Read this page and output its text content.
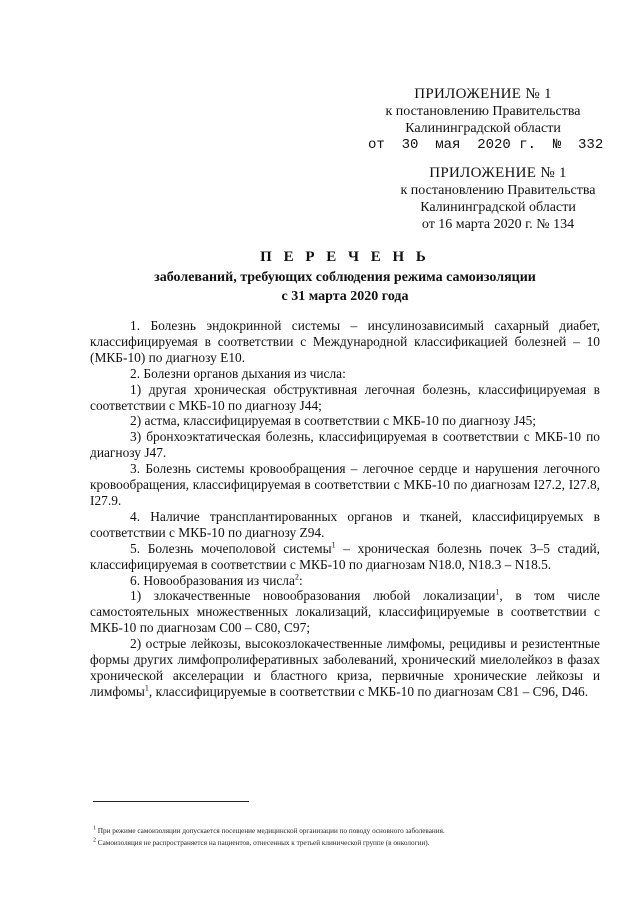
ПРИЛОЖЕНИЕ № 1
к постановлению Правительства
Калининградской области
от  30  мая  2020 г.  №  332
ПРИЛОЖЕНИЕ № 1
к постановлению Правительства
Калининградской области
от 16 марта 2020 г. № 134
П Е Р Е Ч Е Н Ь
заболеваний, требующих соблюдения режима самоизоляции
с 31 марта 2020 года

1. Болезнь эндокринной системы – инсулинозависимый сахарный диабет, классифицируемая в соответствии с Международной классификацией болезней – 10 (МКБ-10) по диагнозу Е10.

2. Болезни органов дыхания из числа:

1) другая хроническая обструктивная легочная болезнь, классифицируемая в соответствии с МКБ-10 по диагнозу J44;

2) астма, классифицируемая в соответствии с МКБ-10 по диагнозу J45;

3) бронхоэктатическая болезнь, классифицируемая в соответствии с МКБ-10 по диагнозу J47.

3. Болезнь системы кровообращения – легочное сердце и нарушения легочного кровообращения, классифицируемая в соответствии с МКБ-10 по диагнозам I27.2, I27.8, I27.9.

4. Наличие трансплантированных органов и тканей, классифицируемых в соответствии с МКБ-10 по диагнозу Z94.

5. Болезнь мочеполовой системы$^1$ – хроническая болезнь почек 3–5 стадий, классифицируемая в соответствии с МКБ-10 по диагнозам N18.0, N18.3 – N18.5.

6. Новообразования из числа$^2$:

1) злокачественные новообразования любой локализации$^1$, в том числе самостоятельных множественных локализаций, классифицируемые в соответствии с МКБ-10 по диагнозам С00 – С80, С97;

2) острые лейкозы, высокозлокачественные лимфомы, рецидивы и резистентные формы других лимфопролиферативных заболеваний, хронический миелолейкоз в фазах хронической акселерации и бластного криза, первичные хронические лейкозы и лимфомы$^1$, классифицируемые в соответствии с МКБ-10 по диагнозам С81 – С96, D46.

$^1$ При режиме самоизоляции допускается посещение медицинской организации по поводу основного заболевания.
$^2$ Самоизоляция не распространяется на пациентов, отнесенных к третьей клинической группе (в онкологии).
